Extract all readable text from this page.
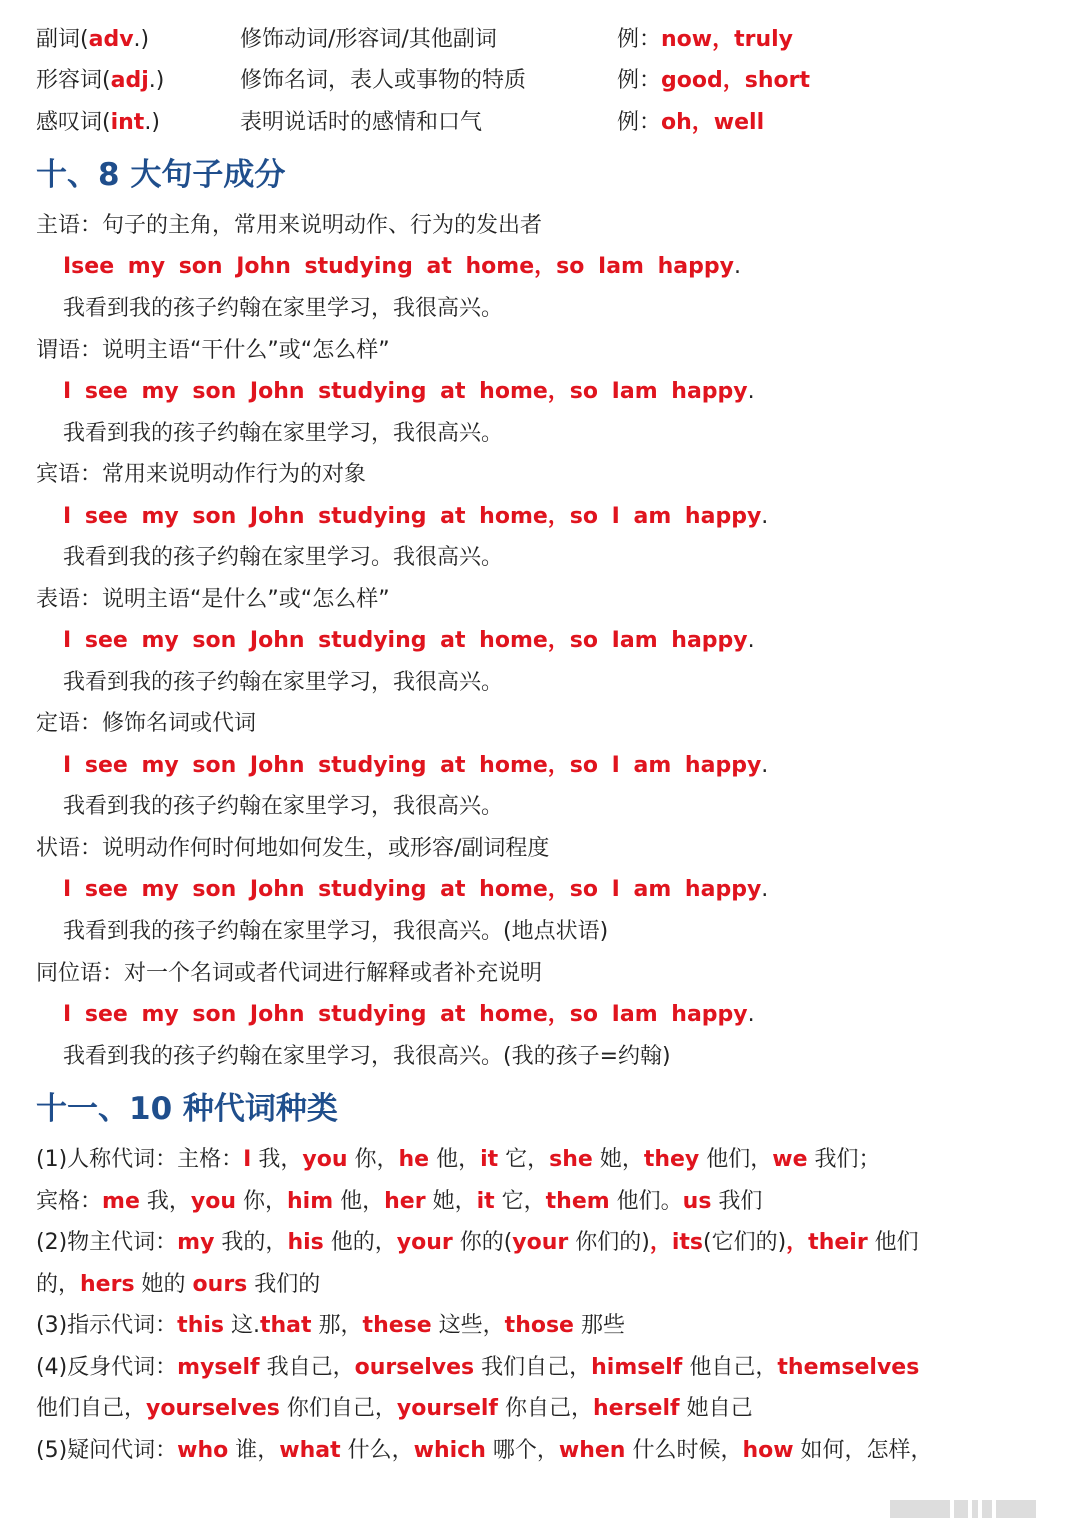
副词(adv.)	修饰动词/形容词/其他副词	例：now，truly
形容词(adj.)	修饰名词，表人或事物的特质	例：good，short
感叹词(int.)	表明说话时的感情和口气	例：oh，well
十、8 大句子成分
主语：句子的主角，常用来说明动作、行为的发出者
Isee my son John studying at home，so Iam happy.
我看到我的孩子约翰在家里学习，我很高兴。
谓语：说明主语“干什么”或“怎么样”
I see my son John studying at home，so Iam happy.
我看到我的孩子约翰在家里学习，我很高兴。
宾语：常用来说明动作行为的对象
I see my son John studying at home，so I am happy.
我看到我的孩子约翰在家里学习。我很高兴。
表语：说明主语“是什么”或“怎么样”
I see my son John studying at home，so Iam happy.
我看到我的孩子约翰在家里学习，我很高兴。
定语：修饰名词或代词
I see my son John studying at home，so I am happy.
我看到我的孩子约翰在家里学习，我很高兴。
状语：说明动作何时何地如何发生，或形容/副词程度
I see my son John studying at home，so I am happy.
我看到我的孩子约翰在家里学习，我很高兴。(地点状语)
同位语：对一个名词或者代词进行解释或者补充说明
I see my son John studying at home，so Iam happy.
我看到我的孩子约翰在家里学习，我很高兴。(我的孩子=约翰)
十一、10 种代词种类
(1)人称代词：主格：I 我，you 你，he 他，it 它，she 她，they 他们，we 我们；
宾格：me 我，you 你，him 他，her 她，it 它，them 他们。us 我们
(2)物主代词：my 我的，his 他的，your 你的(your 你们的)，its(它们的)，their 他们
的，hers 她的 ours 我们的
(3)指示代词：this 这.that 那，these 这些，those 那些
(4)反身代词：myself 我自己，ourselves 我们自己，himself 他自己，themselves
他们自己，yourselves 你们自己，yourself 你自己，herself 她自己
(5)疑问代词：who 谁，what 什么，which 哪个，when 什么时候，how 如何，怎样，
